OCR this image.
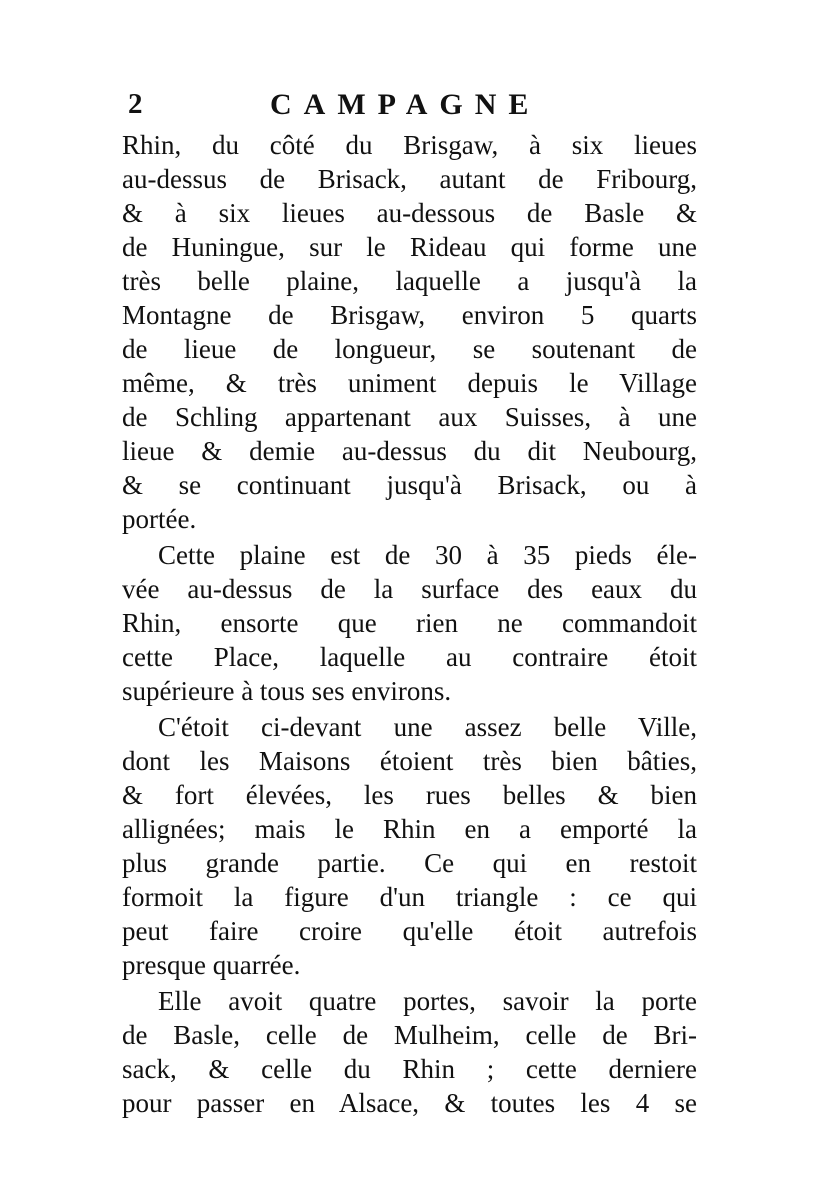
2	CAMPAGNE
Rhin, du côté du Brisgaw, à six lieues
au-dessus de Brisack, autant de Fribourg,
& à six lieues au-dessous de Basle &
de Huningue, sur le Rideau qui forme une
très belle plaine, laquelle a jusqu'à la
Montagne de Brisgaw, environ 5 quarts
de lieue de longueur, se soutenant de
même, & très uniment depuis le Village
de Schling appartenant aux Suisses, à une
lieue & demie au-dessus du dit Neubourg,
& se continuant jusqu'à Brisack, ou à
portée.
Cette plaine est de 30 à 35 pieds éle-
vée au-dessus de la surface des eaux du
Rhin, ensorte que rien ne commandoit
cette Place, laquelle au contraire étoit
supérieure à tous ses environs.
C'étoit ci-devant une assez belle Ville,
dont les Maisons étoient très bien bâties,
& fort élevées, les rues belles & bien
allignées; mais le Rhin en a emporté la
plus grande partie. Ce qui en restoit
formoit la figure d'un triangle : ce qui
peut faire croire qu'elle étoit autrefois
presque quarrée.
Elle avoit quatre portes, savoir la porte
de Basle, celle de Mulheim, celle de Bri-
sack, & celle du Rhin ; cette derniere
pour passer en Alsace, & toutes les 4 se
